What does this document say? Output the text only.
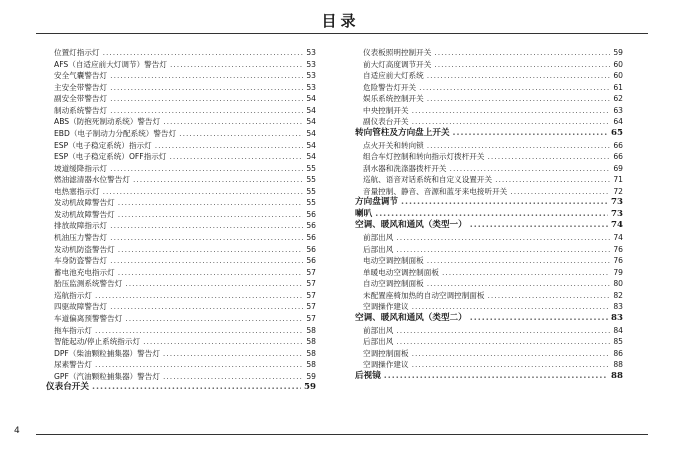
目录
位置灯指示灯 .....	53
AFS（自适应前大灯调节）警告灯 .....	53
安全气囊警告灯 .....	53
主安全带警告灯 .....	53
副安全带警告灯 .....	54
制动系统警告灯 .....	54
ABS（防抱死制动系统）警告灯 .....	54
EBD（电子制动力分配系统）警告灯 .....	54
ESP（电子稳定系统）指示灯 .....	54
ESP（电子稳定系统）OFF指示灯 .....	54
坡道缓降指示灯 .....	55
燃油滤清器水位警告灯 .....	55
电热塞指示灯 .....	55
发动机故障警告灯 .....	55
发动机故障警告灯 .....	56
排放故障指示灯 .....	56
机油压力警告灯 .....	56
发动机防盗警告灯 .....	56
车身防盗警告灯 .....	56
蓄电池充电指示灯 .....	57
胎压监测系统警告灯 .....	57
巡航指示灯 .....	57
四驱故障警告灯 .....	57
车道偏离预警警告灯 .....	57
拖车指示灯 .....	58
智能起动/停止系统指示灯 .....	58
DPF（柴油颗粒捕集器）警告灯 .....	58
尿素警告灯 .....	58
GPF（汽油颗粒捕集器）警告灯 .....	59
仪表台开关 .....	59
仪表板照明控制开关 .....	59
前大灯高度调节开关 .....	60
自适应前大灯系统 .....	60
危险警告灯开关 .....	61
娱乐系统控制开关 .....	62
中央控制开关 .....	63
副仪表台开关 .....	64
转向管柱及方向盘上开关 .....	65
点火开关和转向锁 .....	66
组合车灯控制和转向指示灯拨杆开关 .....	66
刮水器和洗涤器拨杆开关 .....	69
巡航、语音对话系统和自定义设置开关 .....	71
音量控制、静音、音源和蓝牙来电接听开关 .....	72
方向盘调节 .....	73
喇叭 .....	73
空调、暖风和通风（类型一） .....	74
前部出风 .....	74
后部出风 .....	76
电动空调控制面板 .....	76
单暖电动空调控制面板 .....	79
自动空调控制面板 .....	80
未配置座椅加热的自动空调控制面板 .....	82
空调操作建议 .....	83
空调、暖风和通风（类型二） .....	83
前部出风 .....	84
后部出风 .....	85
空调控制面板 .....	86
空调操作建议 .....	88
后视镜 .....	88
4
